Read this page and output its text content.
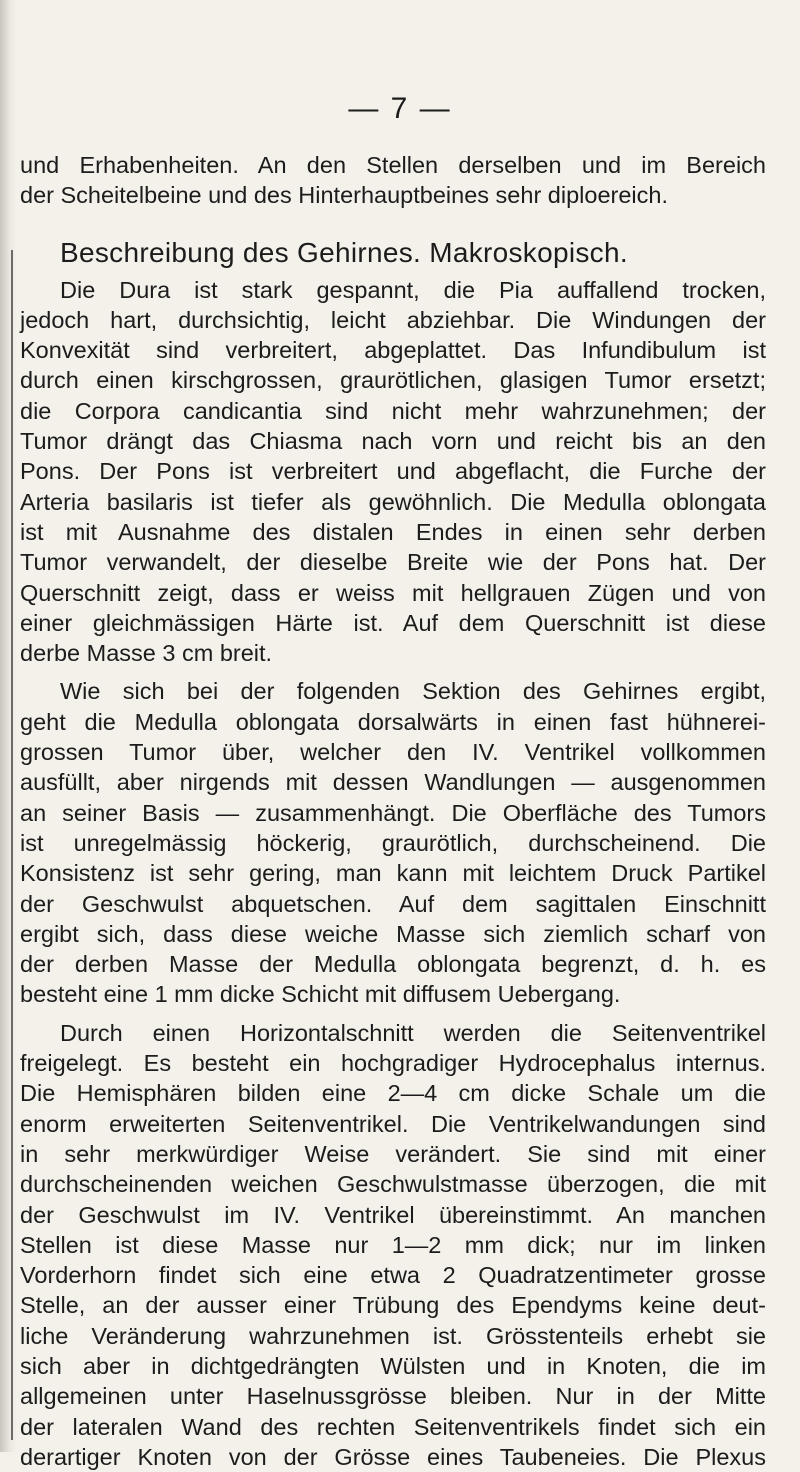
— 7 —
und Erhabenheiten. An den Stellen derselben und im Bereich
der Scheitelbeine und des Hinterhauptbeines sehr diploereich.
Beschreibung des Gehirnes. Makroskopisch.
Die Dura ist stark gespannt, die Pia auffallend trocken,
jedoch hart, durchsichtig, leicht abziehbar. Die Windungen der
Konvexität sind verbreitert, abgeplattet. Das Infundibulum ist
durch einen kirschgrossen, graurötlichen, glasigen Tumor ersetzt;
die Corpora candicantia sind nicht mehr wahrzunehmen; der
Tumor drängt das Chiasma nach vorn und reicht bis an den
Pons. Der Pons ist verbreitert und abgeflacht, die Furche der
Arteria basilaris ist tiefer als gewöhnlich. Die Medulla oblongata
ist mit Ausnahme des distalen Endes in einen sehr derben
Tumor verwandelt, der dieselbe Breite wie der Pons hat. Der
Querschnitt zeigt, dass er weiss mit hellgrauen Zügen und von
einer gleichmässigen Härte ist. Auf dem Querschnitt ist diese
derbe Masse 3 cm breit.
Wie sich bei der folgenden Sektion des Gehirnes ergibt,
geht die Medulla oblongata dorsalwärts in einen fast hühnerei-
grossen Tumor über, welcher den IV. Ventrikel vollkommen
ausfüllt, aber nirgends mit dessen Wandlungen — ausgenommen
an seiner Basis — zusammenhängt. Die Oberfläche des Tumors
ist unregelmässig höckerig, graurötlich, durchscheinend. Die
Konsistenz ist sehr gering, man kann mit leichtem Druck Partikel
der Geschwulst abquetschen. Auf dem sagittalen Einschnitt
ergibt sich, dass diese weiche Masse sich ziemlich scharf von
der derben Masse der Medulla oblongata begrenzt, d. h. es
besteht eine 1 mm dicke Schicht mit diffusem Uebergang.
Durch einen Horizontalschnitt werden die Seitenventrikel
freigelegt. Es besteht ein hochgradiger Hydrocephalus internus.
Die Hemisphären bilden eine 2—4 cm dicke Schale um die
enorm erweiterten Seitenventrikel. Die Ventrikelwandungen sind
in sehr merkwürdiger Weise verändert. Sie sind mit einer
durchscheinenden weichen Geschwulstmasse überzogen, die mit
der Geschwulst im IV. Ventrikel übereinstimmt. An manchen
Stellen ist diese Masse nur 1—2 mm dick; nur im linken
Vorderhorn findet sich eine etwa 2 Quadratzentimeter grosse
Stelle, an der ausser einer Trübung des Ependyms keine deut-
liche Veränderung wahrzunehmen ist. Grösstenteils erhebt sie
sich aber in dichtgedrängten Wülsten und in Knoten, die im
allgemeinen unter Haselnussgrösse bleiben. Nur in der Mitte
der lateralen Wand des rechten Seitenventrikels findet sich ein
derartiger Knoten von der Grösse eines Taubeneies. Die Plexus
